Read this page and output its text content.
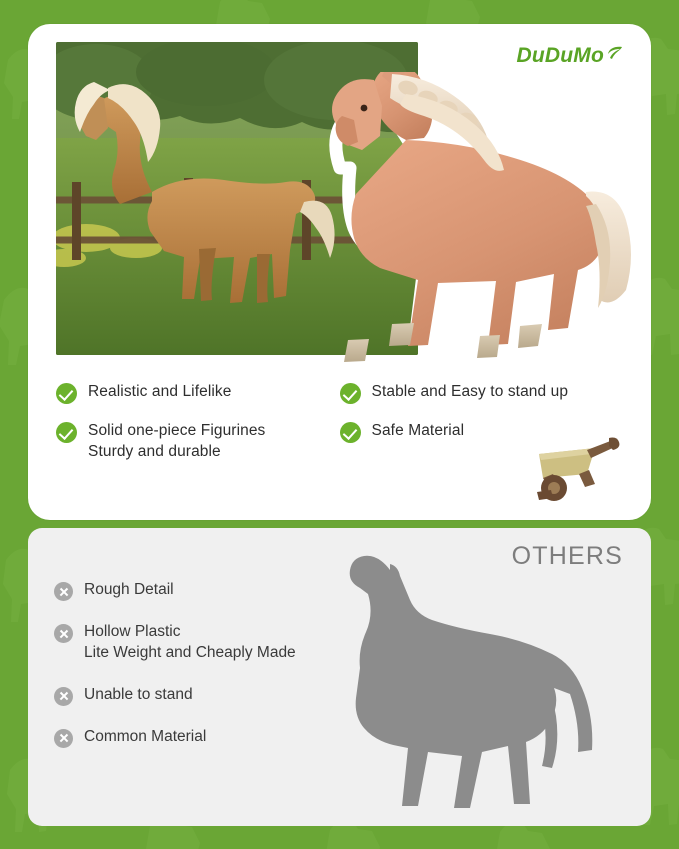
DuDuMo
Realistic and Lifelike	Stable and Easy to stand up
Solid one-piece Figurines
Sturdy and durable
Safe Material
OTHERS
Rough Detail
Hollow Plastic
Lite Weight and Cheaply Made
Unable to stand
Common Material
